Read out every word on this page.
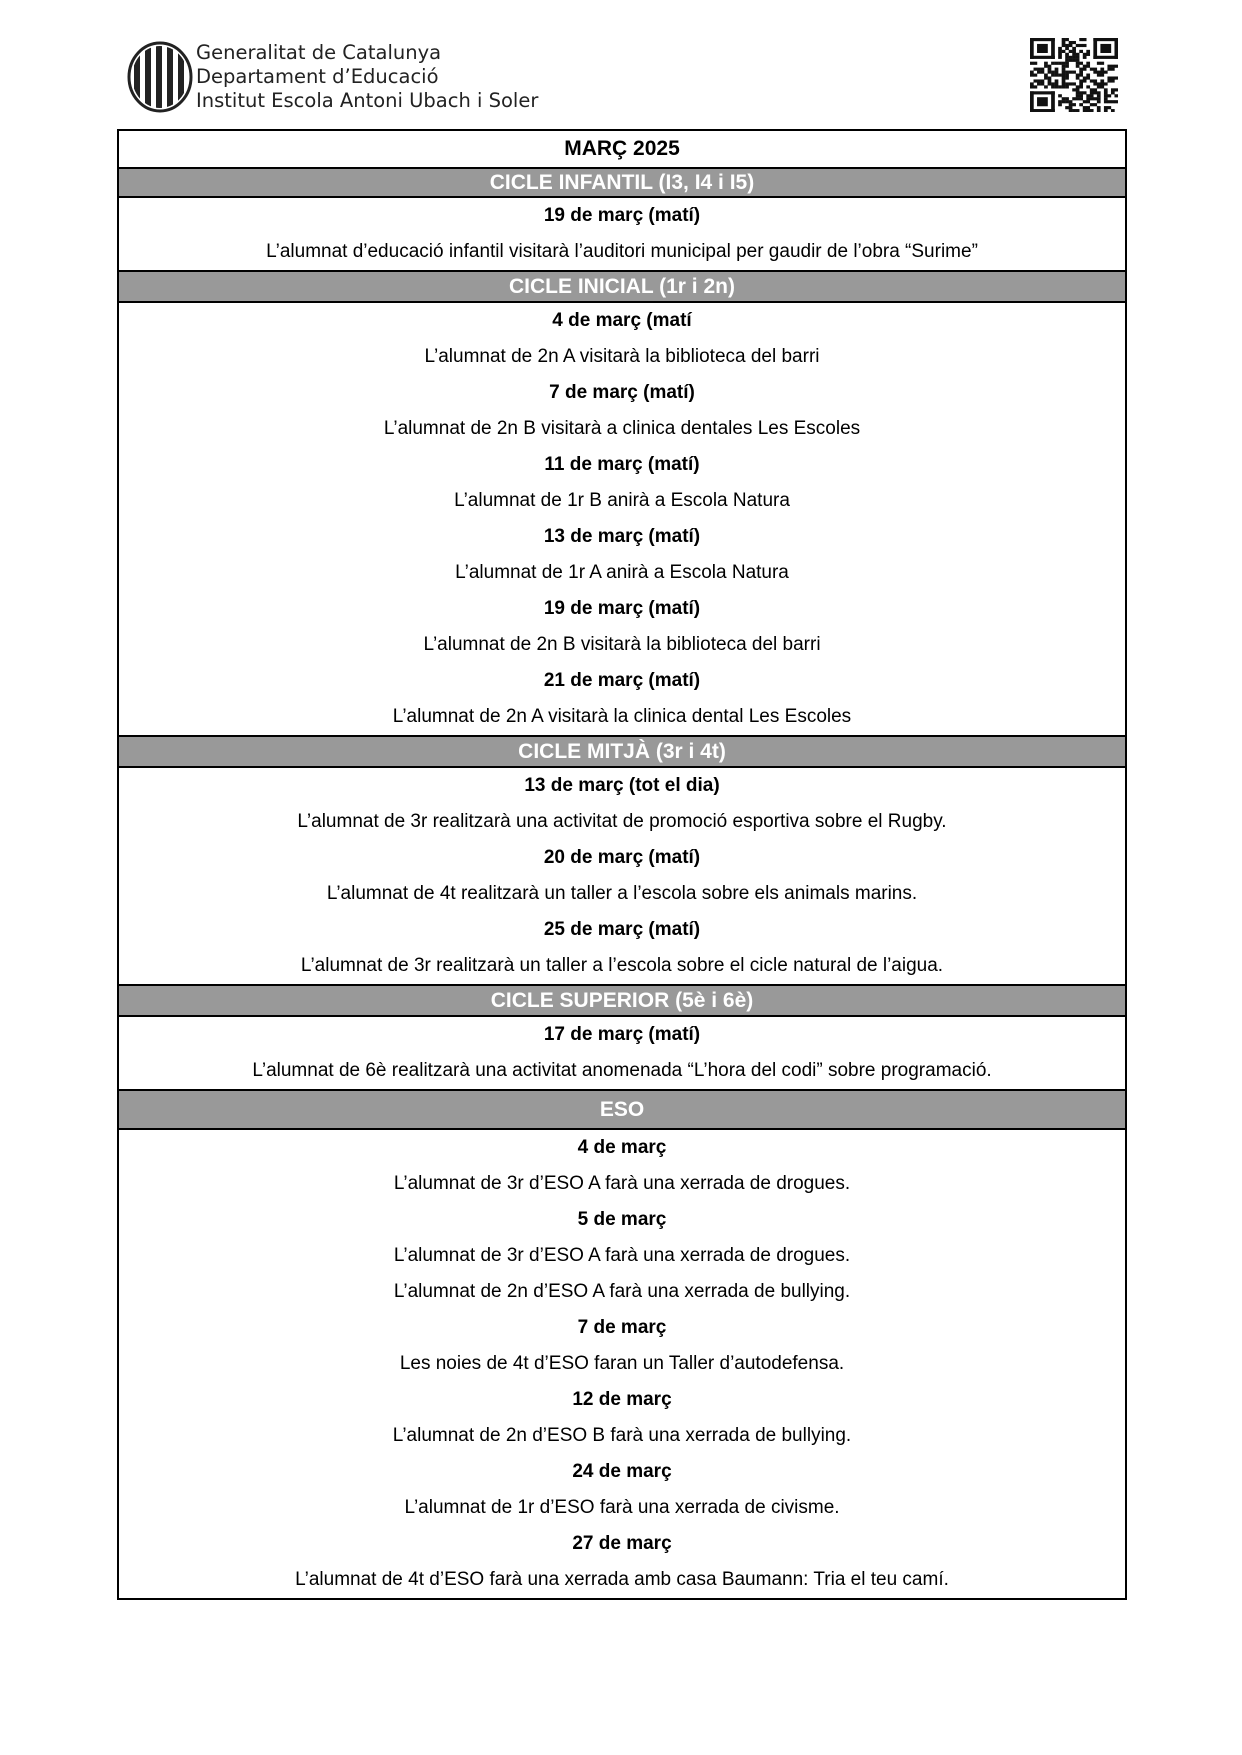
Generalitat de Catalunya
Departament d’Educació
Institut Escola Antoni Ubach i Soler
MARÇ 2025
CICLE INFANTIL (I3, I4 i I5)
19 de març (matí)
L’alumnat d’educació infantil visitarà l’auditori municipal per gaudir de l’obra “Surime”
CICLE INICIAL (1r i 2n)
4 de març (matí
L’alumnat de 2n A visitarà la biblioteca del barri
7 de març (matí)
L’alumnat de 2n B visitarà a clinica dentales Les Escoles
11 de març (matí)
L’alumnat de 1r B anirà a Escola Natura
13 de març (matí)
L’alumnat de 1r A anirà a Escola Natura
19 de març (matí)
L’alumnat de 2n B visitarà la biblioteca del barri
21 de març (matí)
L’alumnat de 2n A visitarà la clinica dental Les Escoles
CICLE MITJÀ (3r i 4t)
13 de març (tot el dia)
L’alumnat de 3r realitzarà una activitat de promoció esportiva sobre el Rugby.
20 de març (matí)
L’alumnat de 4t realitzarà un taller a l’escola sobre els animals marins.
25 de març (matí)
L’alumnat de 3r realitzarà un taller a l’escola sobre el cicle natural de l’aigua.
CICLE SUPERIOR (5è i 6è)
17 de març (matí)
L’alumnat de 6è realitzarà una activitat anomenada “L’hora del codi” sobre programació.
ESO
4 de març
L’alumnat de 3r d’ESO A farà una xerrada de drogues.
5 de març
L’alumnat de 3r d’ESO A farà una xerrada de drogues.
L’alumnat de 2n d’ESO A farà una xerrada de bullying.
7 de març
Les noies de 4t d’ESO faran un Taller d’autodefensa.
12 de març
L’alumnat de 2n d’ESO B farà una xerrada de bullying.
24 de març
L’alumnat de 1r d’ESO farà una xerrada de civisme.
27 de març
L’alumnat de 4t d’ESO farà una xerrada amb casa Baumann: Tria el teu camí.
